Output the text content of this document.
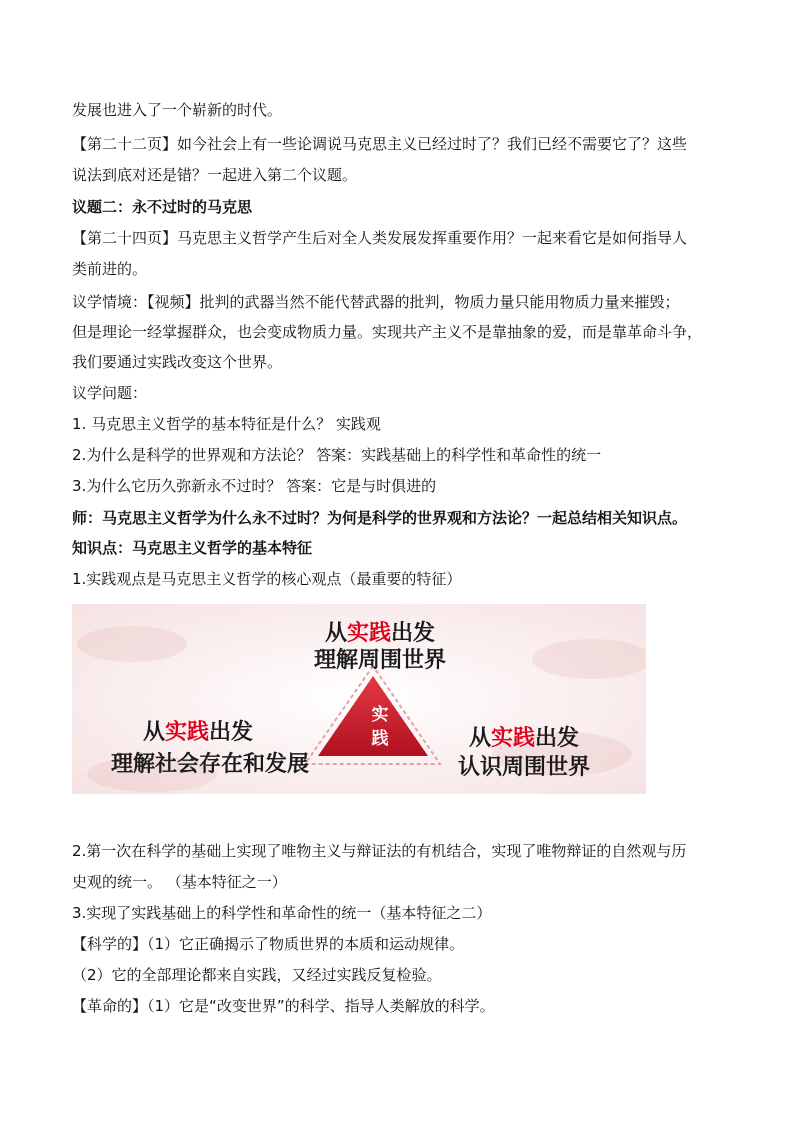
发展也进入了一个崭新的时代。
【第二十二页】如今社会上有一些论调说马克思主义已经过时了？我们已经不需要它了？这些
说法到底对还是错？一起进入第二个议题。
议题二：永不过时的马克思
【第二十四页】马克思主义哲学产生后对全人类发展发挥重要作用？一起来看它是如何指导人
类前进的。
议学情境：【视频】批判的武器当然不能代替武器的批判，物质力量只能用物质力量来摧毁；
但是理论一经掌握群众，也会变成物质力量。实现共产主义不是靠抽象的爱，而是靠革命斗争，
我们要通过实践改变这个世界。
议学问题：
1. 马克思主义哲学的基本特征是什么？ 实践观
2.为什么是科学的世界观和方法论？ 答案：实践基础上的科学性和革命性的统一
3.为什么它历久弥新永不过时？ 答案：它是与时俱进的
师：马克思主义哲学为什么永不过时？为何是科学的世界观和方法论？一起总结相关知识点。
知识点：马克思主义哲学的基本特征
1.实践观点是马克思主义哲学的核心观点（最重要的特征）
实
践
从实践出发
理解周围世界
从实践出发
理解社会存在和发展
从实践出发
认识周围世界
2.第一次在科学的基础上实现了唯物主义与辩证法的有机结合，实现了唯物辩证的自然观与历
史观的统一。 （基本特征之一）
3.实现了实践基础上的科学性和革命性的统一（基本特征之二）
【科学的】（1）它正确揭示了物质世界的本质和运动规律。
（2）它的全部理论都来自实践，又经过实践反复检验。
【革命的】（1）它是“改变世界”的科学、指导人类解放的科学。
